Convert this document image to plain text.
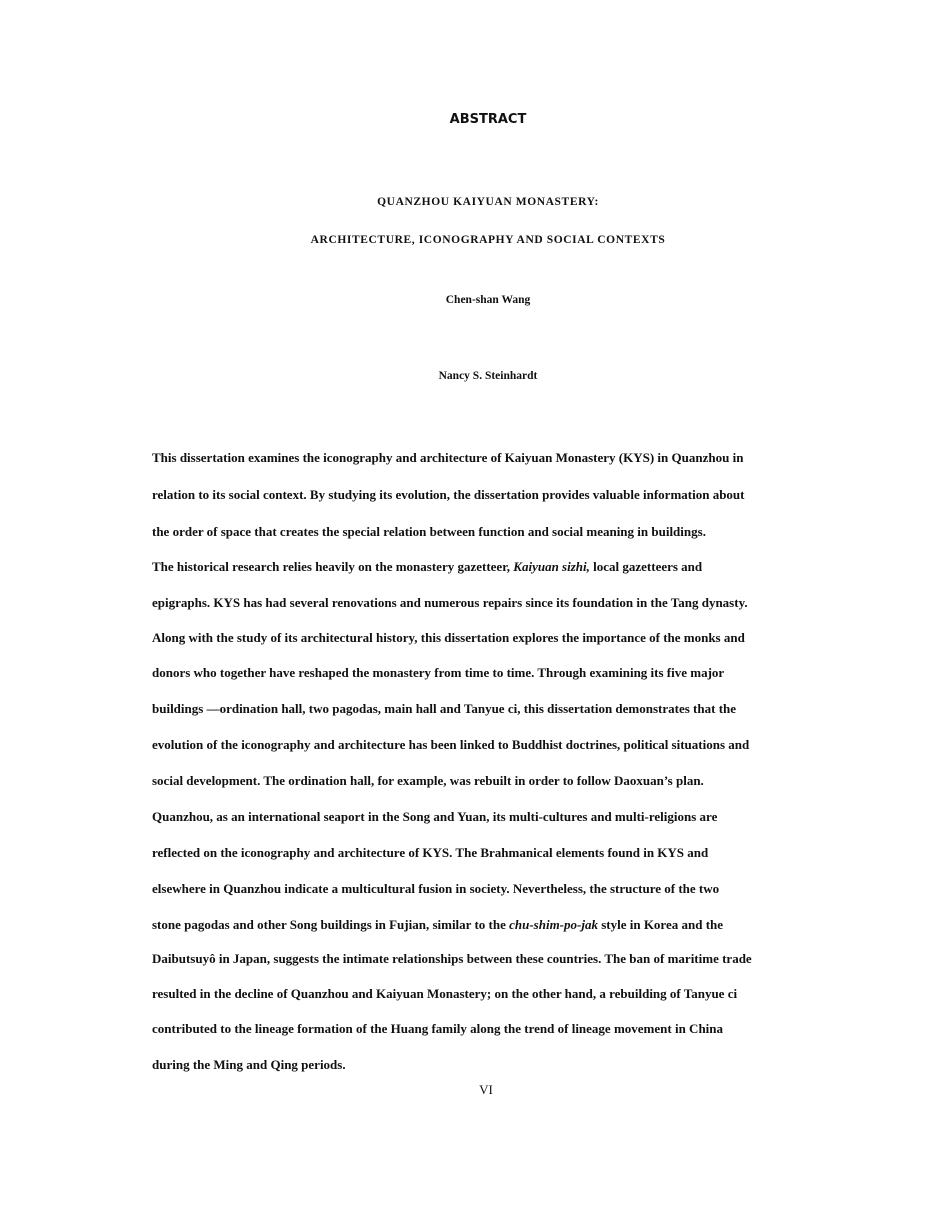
ABSTRACT
QUANZHOU KAIYUAN MONASTERY:
ARCHITECTURE, ICONOGRAPHY AND SOCIAL CONTEXTS

Chen-shan Wang

Nancy S. Steinhardt

This dissertation examines the iconography and architecture of Kaiyuan Monastery (KYS) in Quanzhou in

relation to its social context. By studying its evolution, the dissertation provides valuable information about

the order of space that creates the special relation between function and social meaning in buildings.

The historical research relies heavily on the monastery gazetteer, Kaiyuan sizhi, local gazetteers and

epigraphs. KYS has had several renovations and numerous repairs since its foundation in the Tang dynasty.

Along with the study of its architectural history, this dissertation explores the importance of the monks and

donors who together have reshaped the monastery from time to time. Through examining its five major

buildings —ordination hall, two pagodas, main hall and Tanyue ci, this dissertation demonstrates that the

evolution of the iconography and architecture has been linked to Buddhist doctrines, political situations and

social development. The ordination hall, for example, was rebuilt in order to follow Daoxuan’s plan.

Quanzhou, as an international seaport in the Song and Yuan, its multi-cultures and multi-religions are

reflected on the iconography and architecture of KYS. The Brahmanical elements found in KYS and

elsewhere in Quanzhou indicate a multicultural fusion in society. Nevertheless, the structure of the two

stone pagodas and other Song buildings in Fujian, similar to the chu-shim-po-jak style in Korea and the

Daibutsuyô in Japan, suggests the intimate relationships between these countries. The ban of maritime trade

resulted in the decline of Quanzhou and Kaiyuan Monastery; on the other hand, a rebuilding of Tanyue ci

contributed to the lineage formation of the Huang family along the trend of lineage movement in China

during the Ming and Qing periods.

VI
